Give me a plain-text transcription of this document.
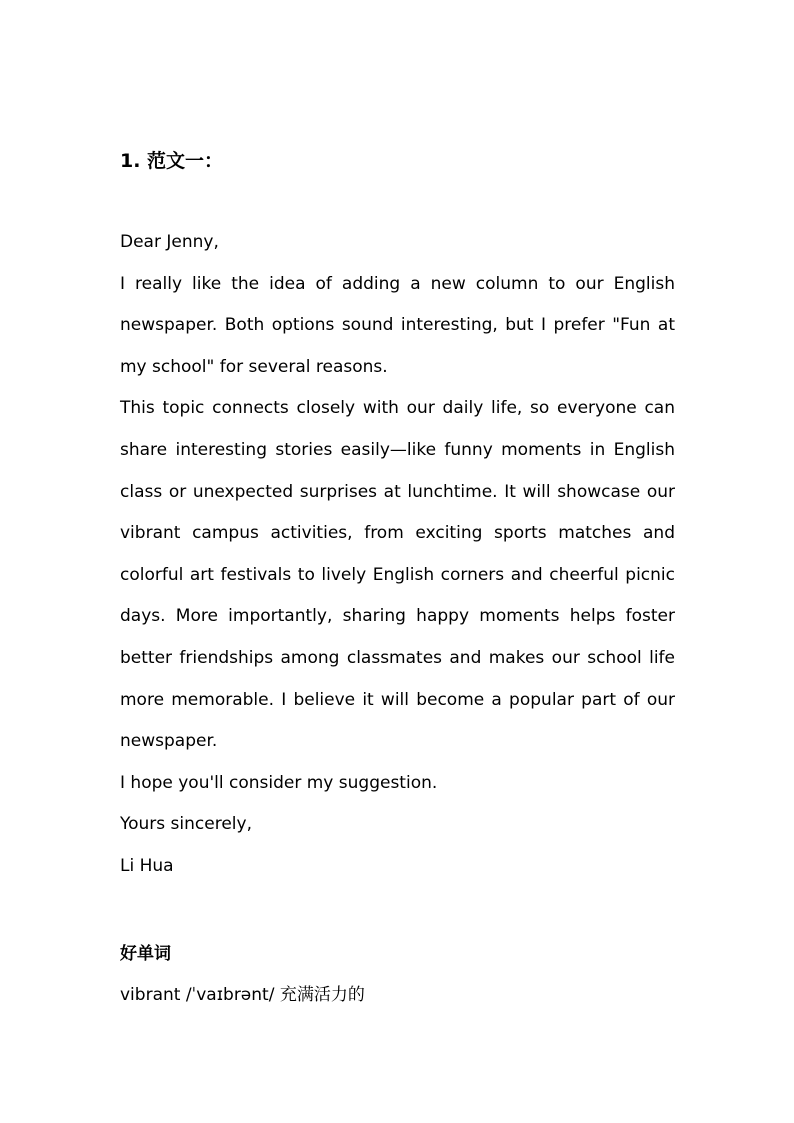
1. 范文一：

Dear Jenny,

I really like the idea of adding a new column to our English newspaper. Both options sound interesting, but I prefer "Fun at my school" for several reasons.

This topic connects closely with our daily life, so everyone can share interesting stories easily—like funny moments in English class or unexpected surprises at lunchtime. It will showcase our vibrant campus activities, from exciting sports matches and colorful art festivals to lively English corners and cheerful picnic days. More importantly, sharing happy moments helps foster better friendships among classmates and makes our school life more memorable. I believe it will become a popular part of our newspaper.

I hope you'll consider my suggestion.

Yours sincerely,

Li Hua

好单词

vibrant /ˈvaɪbrənt/ 充满活力的
